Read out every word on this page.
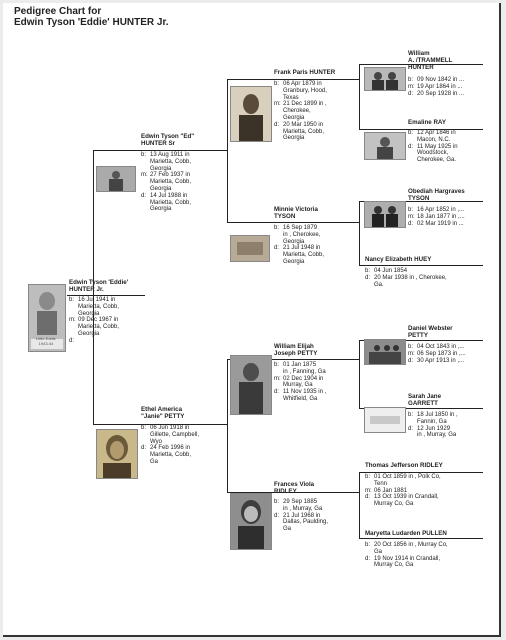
Pedigree Chart for
Edwin Tyson 'Eddie' HUNTER Jr.
Little Eddie
1943-44
Edwin Tyson 'Eddie'
HUNTER Jr.
b: 16 Jul 1941 in
Marietta, Cobb,
Georgia
m: 09 Dec 1967 in
Marietta, Cobb,
Georgia
d:
Edwin Tyson "Ed"
HUNTER Sr
b: 13 Aug 1911 in
Marietta, Cobb,
Georgia
m: 27 Feb 1937 in
Marietta, Cobb,
Georgia
d: 14 Jul 1988 in
Marietta, Cobb,
Georgia
Ethel America
"Janie" PETTY
b: 06 Jun 1918 in
Gillette, Campbell,
Wyo
d: 24 Feb 1996 in
Marietta, Cobb,
Ga
Frank Paris HUNTER
b: 06 Apr 1879 in
Granbury, Hood,
Texas
m: 21 Dec 1899 in ,
Cherokee,
Georgia
d: 20 Mar 1950 in
Marietta, Cobb,
Georgia
Minnie Victoria
TYSON
b: 16 Sep 1879
in , Cherokee,
Georgia
d: 21 Jul 1948 in
Marietta, Cobb,
Georgia
William Elijah
Joseph PETTY
b: 01 Jan 1875
in , Fanning, Ga
m: 02 Dec 1904 in
Murray, Ga
d: 11 Nov 1935 in ,
Whitfield, Ga
Frances Viola
RIDLEY
b: 29 Sep 1885
in , Murray, Ga
d: 21 Jul 1968 in
Dallas, Paulding,
Ga
William
A. /TRAMMELL
HUNTER
b: 09 Nov 1842 in ...
m: 19 Apr 1864 in ...
d: 20 Sep 1928 in ...
Emaline RAY
b: 12 Apr 1846 in
Macon, N.C.
d: 11 May 1925 in
Woodstock,
Cherokee, Ga.
Obediah Hargraves
TYSON
b: 16 Apr 1852 in ,...
m: 18 Jan 1877 in ,...
d: 02 Mar 1919 in ...
Nancy Elizabeth HUEY
b: 04 Jun 1854
d: 20 Mar 1938 in , Cherokee,
Ga.
Daniel Webster
PETTY
b: 04 Oct 1843 in ,...
m: 06 Sep 1873 in ,...
d: 30 Apr 1913 in ,...
Sarah Jane
GARRETT
b: 18 Jul 1850 in ,
Fannin, Ga
d: 12 Jun 1929
in , Murray, Ga
Thomas Jefferson RIDLEY
b: 01 Oct 1859 in , Polk Co,
Tenn
m: 06 Jan 1881
d: 13 Oct 1939 in Crandall,
Murray Co, Ga
Maryetta Ludarden PULLEN
b: 20 Oct 1856 in , Murray Co,
Ga
d: 19 Nov 1914 in Crandall,
Murray Co, Ga
